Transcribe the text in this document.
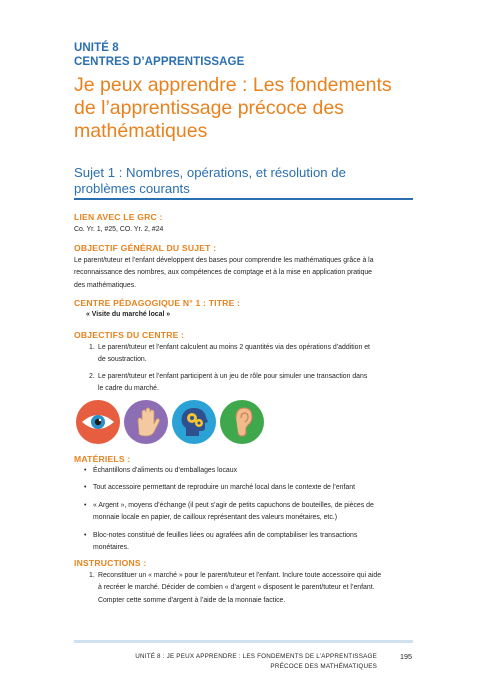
UNITÉ 8
CENTRES D’APPRENTISSAGE
Je peux apprendre : Les fondements
de l’apprentissage précoce des
mathématiques
Sujet 1 : Nombres, opérations, et résolution de
problèmes courants
LIEN AVEC LE GRC :
Co. Yr. 1, #25, CO. Yr. 2, #24
OBJECTIF GÉNÉRAL DU SUJET :
Le parent/tuteur et l’enfant développent des bases pour comprendre les mathématiques grâce à la
reconnaissance des nombres, aux compétences de comptage et à la mise en application pratique
des mathématiques.
CENTRE PÉDAGOGIQUE N° 1 : TITRE :
« Visite du marché local »
OBJECTIFS DU CENTRE :
1. Le parent/tuteur et l’enfant calculent au moins 2 quantités via des opérations d’addition et
de soustraction.
2. Le parent/tuteur et l’enfant participent à un jeu de rôle pour simuler une transaction dans
le cadre du marché.
MATÉRIELS :
• Échantillons d’aliments ou d’emballages locaux
• Tout accessoire permettant de reproduire un marché local dans le contexte de l’enfant
• « Argent », moyens d’échange (il peut s’agir de petits capuchons de bouteilles, de pièces de
monnaie locale en papier, de cailloux représentant des valeurs monétaires, etc.)
• Bloc-notes constitué de feuilles liées ou agrafées afin de comptabiliser les transactions
monétaires.
INSTRUCTIONS :
1. Reconstituer un « marché » pour le parent/tuteur et l’enfant. Inclure toute accessoire qui aide
à recréer le marché. Décider de combien « d’argent » disposent le parent/tuteur et l’enfant.
Compter cette somme d’argent à l’aide de la monnaie factice.
UNITÉ 8 : JE PEUX APPRENDRE : LES FONDEMENTS DE L’APPRENTISSAGE
PRÉCOCE DES MATHÉMATIQUES
195
